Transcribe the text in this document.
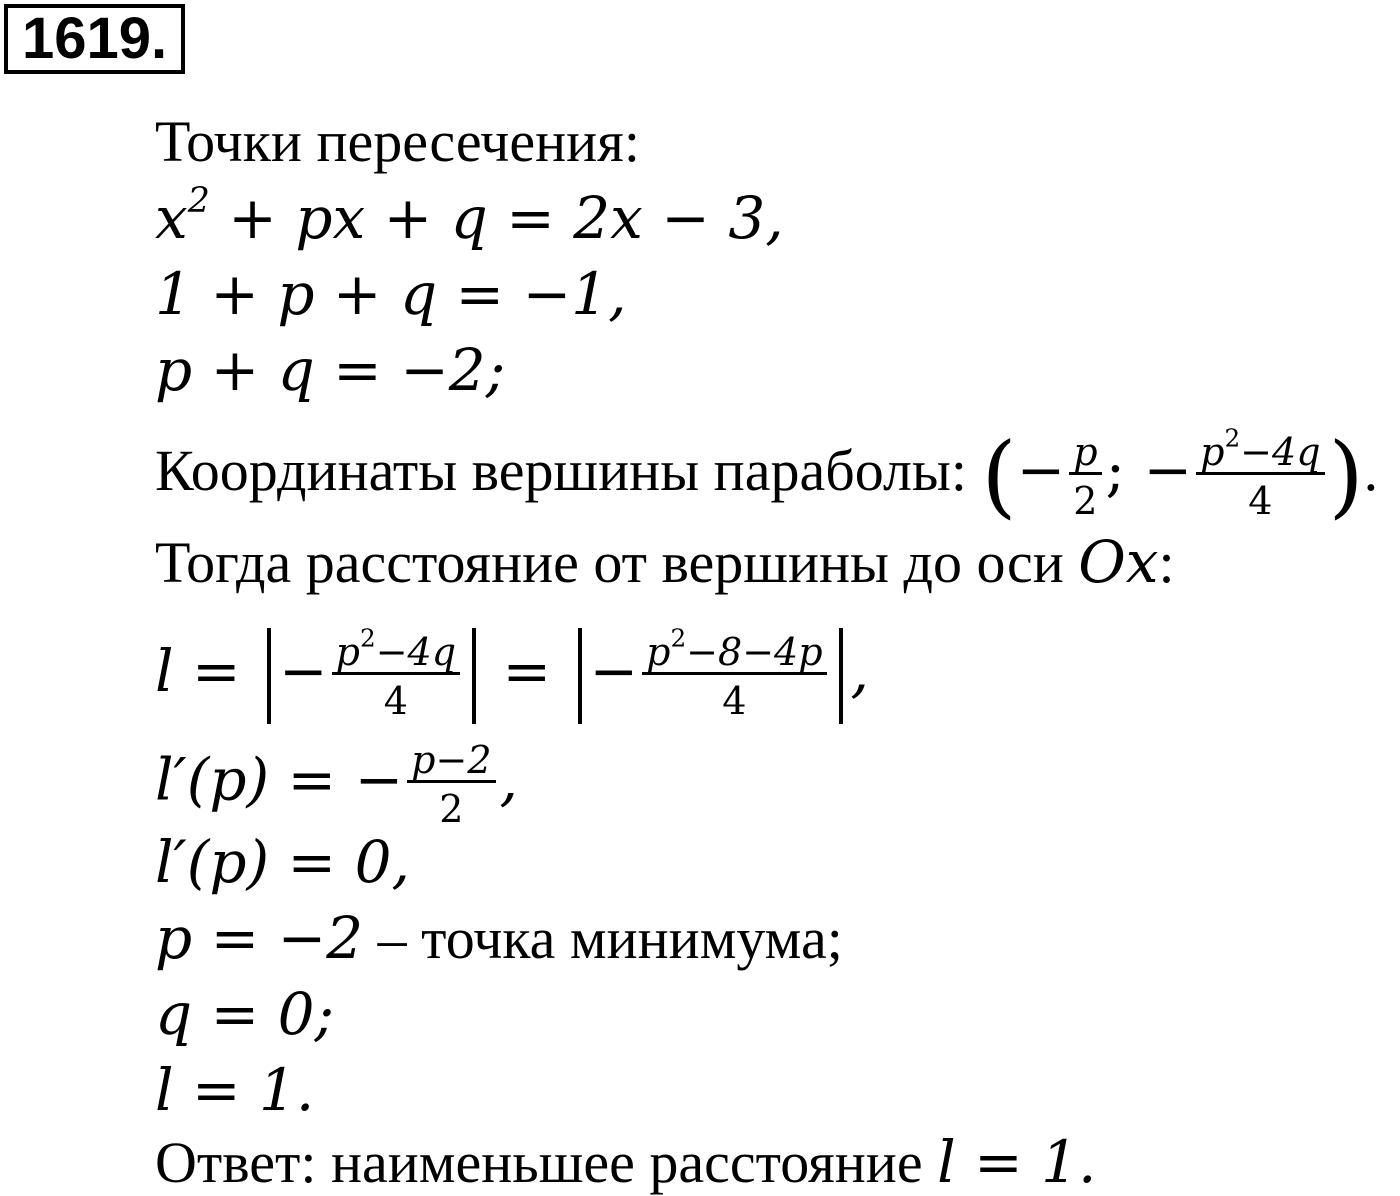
1619.
Точки пересечения:
$x^2$ + px + q = 2x − 3,
1 + p + q = −1,
p + q = −2;
Координаты вершины параболы: (− $\frac{p}{2}$ ; − $\frac{p^2-4q}{4}$ ).
Тогда расстояние от вершины до оси Ox:
l = − $\frac{p^2-4q}{4}$ = − $\frac{p^2-8-4p}{4}$ ,
l′(p) = − $\frac{p-2}{2}$ ,
l′(p) = 0,
p = −2 – точка минимума;
q = 0;
l = 1.
Ответ: наименьшее расстояние l = 1.
